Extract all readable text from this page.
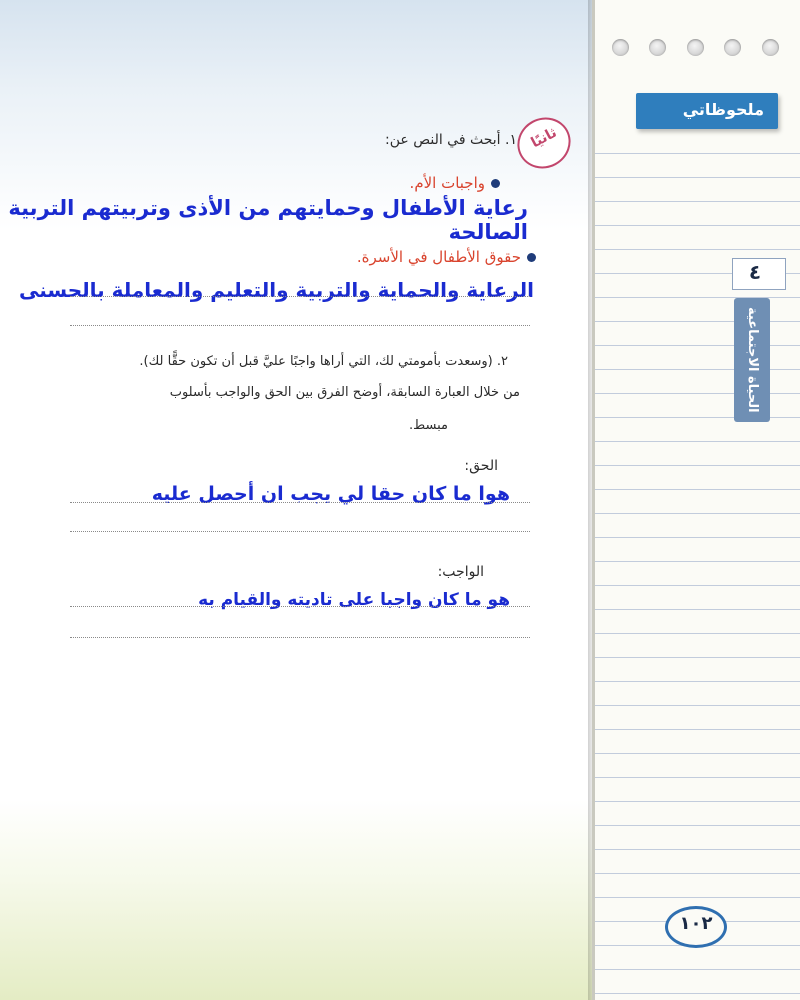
ملحوظاتي
٤
الحياة الاجتماعية
١٠٢
ثانيًا
١. أبحث في النص عن:
واجبات الأم.
رعاية الأطفال وحمايتهم من الأذى وتربيتهم التربية الصالحة
حقوق الأطفال في الأسرة.
الرعاية والحماية والتربية والتعليم والمعاملة بالحسنى
٢. (وسعدت بأمومتي لك، التي أراها واجبًا عليَّ قبل أن تكون حقًّا لك).
من خلال العبارة السابقة، أوضح الفرق بين الحق والواجب بأسلوب
مبسط.
الحق:
هوا ما كان حقا لي يجب ان أحصل عليه
الواجب:
هو ما كان واجبا على تاديته والقيام به
